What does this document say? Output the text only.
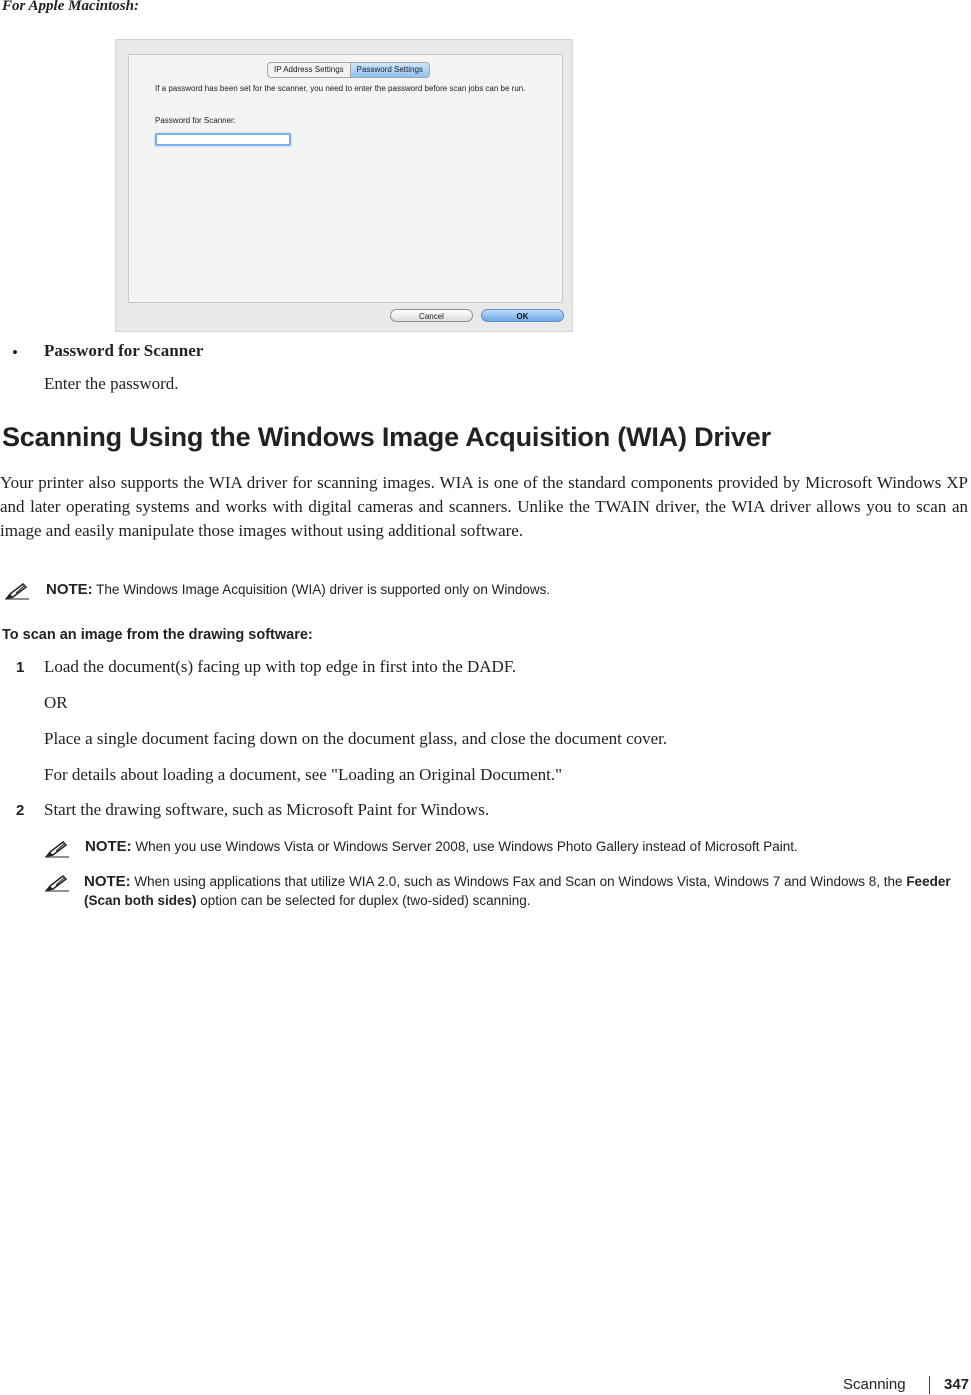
For Apple Macintosh:
IP Address Settings	Password Settings
If a password has been set for the scanner, you need to enter the password before scan jobs can be run.
Password for Scanner:
Cancel	OK
• Password for Scanner
Enter the password.
Scanning Using the Windows Image Acquisition (WIA) Driver
Your printer also supports the WIA driver for scanning images. WIA is one of the standard components provided by Microsoft Windows XP and later operating systems and works with digital cameras and scanners. Unlike the TWAIN driver, the WIA driver allows you to scan an image and easily manipulate those images without using additional software.
NOTE: The Windows Image Acquisition (WIA) driver is supported only on Windows.
To scan an image from the drawing software:
1 Load the document(s) facing up with top edge in first into the DADF.
OR
Place a single document facing down on the document glass, and close the document cover.
For details about loading a document, see "Loading an Original Document."
2 Start the drawing software, such as Microsoft Paint for Windows.
NOTE: When you use Windows Vista or Windows Server 2008, use Windows Photo Gallery instead of Microsoft Paint.
NOTE: When using applications that utilize WIA 2.0, such as Windows Fax and Scan on Windows Vista, Windows 7 and Windows 8, the Feeder (Scan both sides) option can be selected for duplex (two-sided) scanning.
Scanning	347
